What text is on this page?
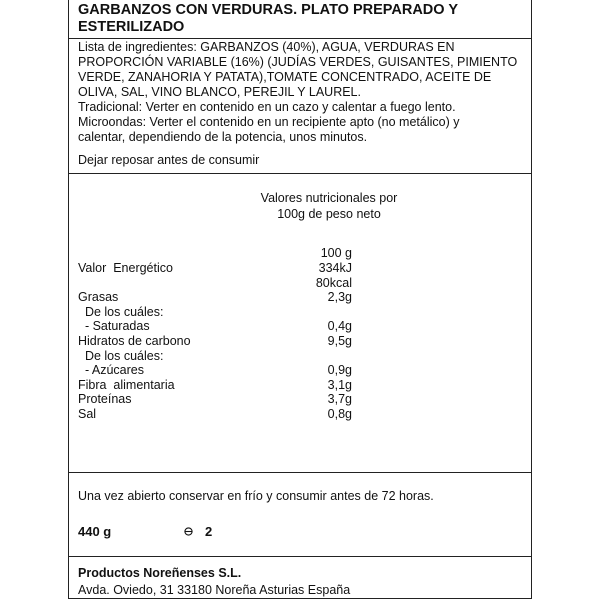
GARBANZOS CON VERDURAS. PLATO PREPARADO Y ESTERILIZADO
Lista de ingredientes: GARBANZOS (40%), AGUA, VERDURAS EN PROPORCIÓN VARIABLE (16%) (JUDÍAS VERDES, GUISANTES, PIMIENTO VERDE, ZANAHORIA Y PATATA),TOMATE CONCENTRADO, ACEITE DE OLIVA, SAL, VINO BLANCO, PEREJIL Y LAUREL.
Tradicional: Verter en contenido en un cazo y calentar a fuego lento.
Microondas: Verter el contenido en un recipiente apto (no metálico) y calentar, dependiendo de la potencia, unos minutos.
Dejar reposar antes de consumir
Valores nutricionales por
100g de peso neto
100 g
Valor  Energético	334kJ
80kcal
Grasas	2,3g
De los cuáles:
- Saturadas	0,4g
Hidratos de carbono	9,5g
De los cuáles:
- Azúcares	0,9g
Fibra  alimentaria	3,1g
Proteínas	3,7g
Sal	0,8g
Una vez abierto conservar en frío y consumir antes de 72 horas.
440 g	2
Productos Noreñenses S.L.
Avda. Oviedo, 31 33180 Noreña Asturias España
